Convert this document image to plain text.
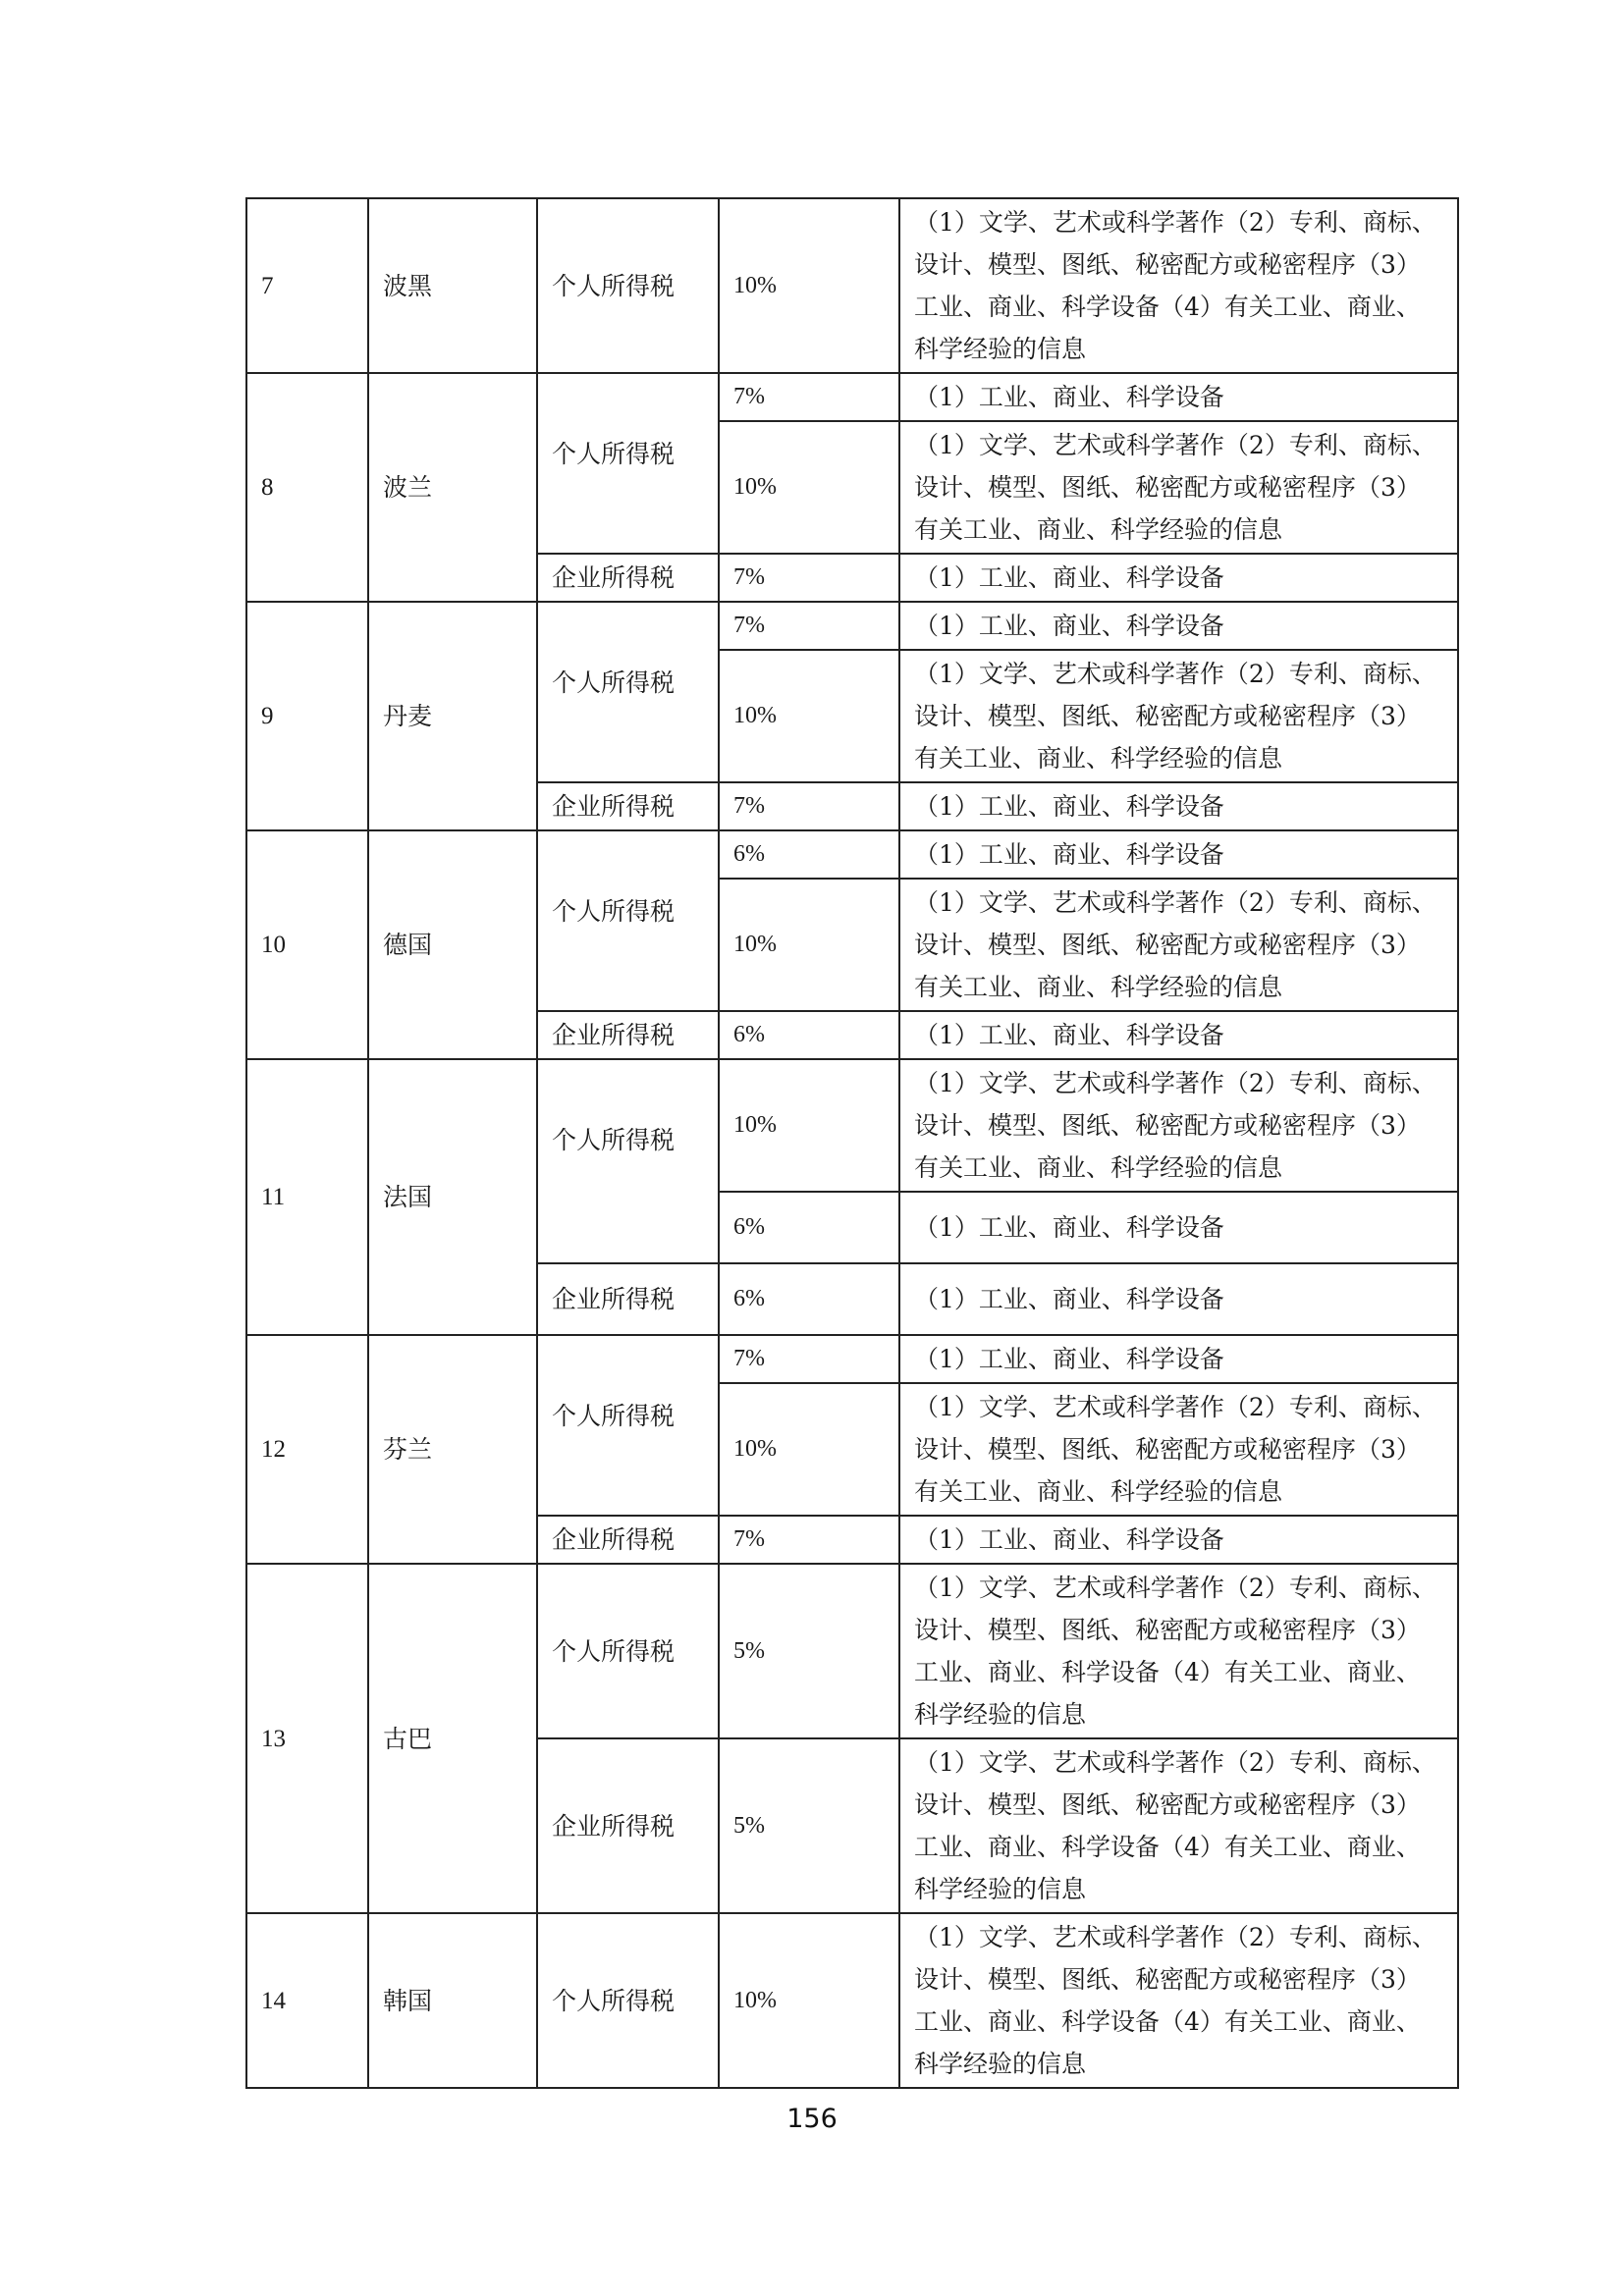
7	波黑	个人所得税	10%	（1）文学、艺术或科学著作（2）专利、商标、设计、模型、图纸、秘密配方或秘密程序（3）工业、商业、科学设备（4）有关工业、商业、科学经验的信息
8	波兰	个人所得税	7%	（1）工业、商业、科学设备
			10%	（1）文学、艺术或科学著作（2）专利、商标、设计、模型、图纸、秘密配方或秘密程序（3）有关工业、商业、科学经验的信息
		企业所得税	7%	（1）工业、商业、科学设备
9	丹麦	个人所得税	7%	（1）工业、商业、科学设备
			10%	（1）文学、艺术或科学著作（2）专利、商标、设计、模型、图纸、秘密配方或秘密程序（3）有关工业、商业、科学经验的信息
		企业所得税	7%	（1）工业、商业、科学设备
10	德国	个人所得税	6%	（1）工业、商业、科学设备
			10%	（1）文学、艺术或科学著作（2）专利、商标、设计、模型、图纸、秘密配方或秘密程序（3）有关工业、商业、科学经验的信息
		企业所得税	6%	（1）工业、商业、科学设备
11	法国	个人所得税	10%	（1）文学、艺术或科学著作（2）专利、商标、设计、模型、图纸、秘密配方或秘密程序（3）有关工业、商业、科学经验的信息
			6%	（1）工业、商业、科学设备
		企业所得税	6%	（1）工业、商业、科学设备
12	芬兰	个人所得税	7%	（1）工业、商业、科学设备
			10%	（1）文学、艺术或科学著作（2）专利、商标、设计、模型、图纸、秘密配方或秘密程序（3）有关工业、商业、科学经验的信息
		企业所得税	7%	（1）工业、商业、科学设备
13	古巴	个人所得税	5%	（1）文学、艺术或科学著作（2）专利、商标、设计、模型、图纸、秘密配方或秘密程序（3）工业、商业、科学设备（4）有关工业、商业、科学经验的信息
		企业所得税	5%	（1）文学、艺术或科学著作（2）专利、商标、设计、模型、图纸、秘密配方或秘密程序（3）工业、商业、科学设备（4）有关工业、商业、科学经验的信息
14	韩国	个人所得税	10%	（1）文学、艺术或科学著作（2）专利、商标、设计、模型、图纸、秘密配方或秘密程序（3）工业、商业、科学设备（4）有关工业、商业、科学经验的信息
156
